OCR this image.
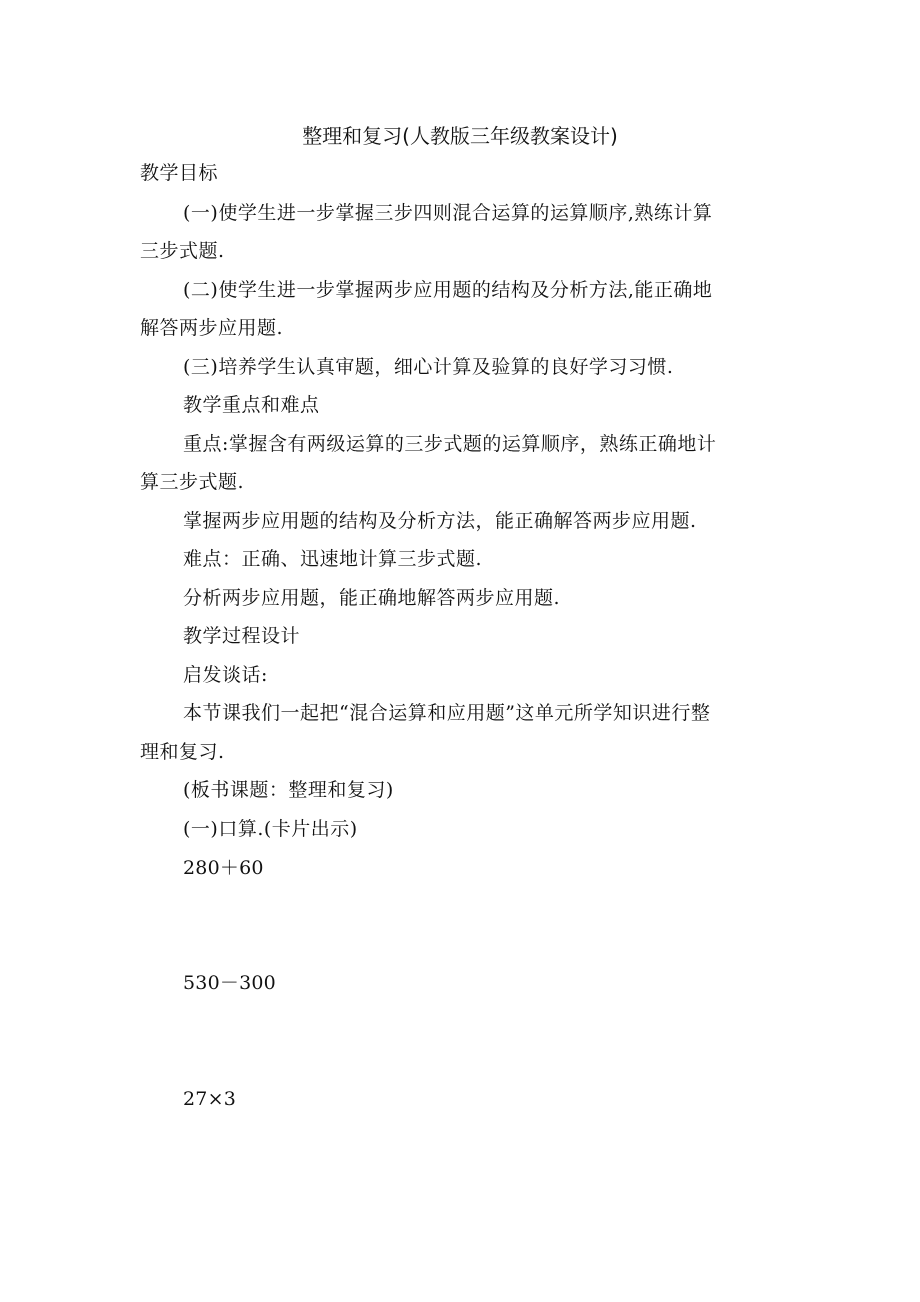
整理和复习(人教版三年级教案设计)
教学目标
(一)使学生进一步掌握三步四则混合运算的运算顺序,熟练计算
三步式题.
(二)使学生进一步掌握两步应用题的结构及分析方法,能正确地
解答两步应用题.
(三)培养学生认真审题，细心计算及验算的良好学习习惯.
教学重点和难点
重点:掌握含有两级运算的三步式题的运算顺序，熟练正确地计
算三步式题.
掌握两步应用题的结构及分析方法，能正确解答两步应用题.
难点：正确、迅速地计算三步式题.
分析两步应用题，能正确地解答两步应用题.
教学过程设计
启发谈话:
本节课我们一起把“混合运算和应用题”这单元所学知识进行整
理和复习.
(板书课题：整理和复习)
(一)口算.(卡片出示)
280＋60
530－300
27×3
